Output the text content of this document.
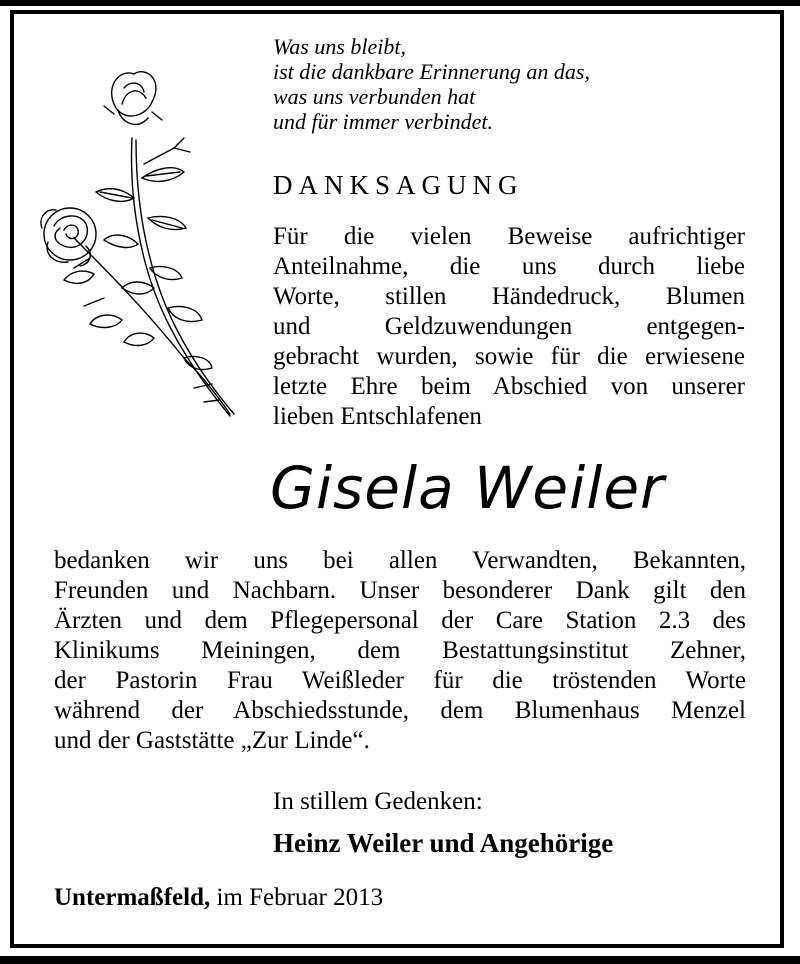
Was uns bleibt,
ist die dankbare Erinnerung an das,
was uns verbunden hat
und für immer verbindet.
DANKSAGUNG
Für die vielen Beweise aufrichtiger
Anteilnahme, die uns durch liebe
Worte, stillen Händedruck, Blumen
und Geldzuwendungen entgegen-
gebracht wurden, sowie für die erwiesene
letzte Ehre beim Abschied von unserer
lieben Entschlafenen
Gisela Weiler
bedanken wir uns bei allen Verwandten, Bekannten,
Freunden und Nachbarn. Unser besonderer Dank gilt den
Ärzten und dem Pflegepersonal der Care Station 2.3 des
Klinikums Meiningen, dem Bestattungsinstitut Zehner,
der Pastorin Frau Weißleder für die tröstenden Worte
während der Abschiedsstunde, dem Blumenhaus Menzel
und der Gaststätte „Zur Linde“.
In stillem Gedenken:
Heinz Weiler und Angehörige
Untermaßfeld, im Februar 2013
